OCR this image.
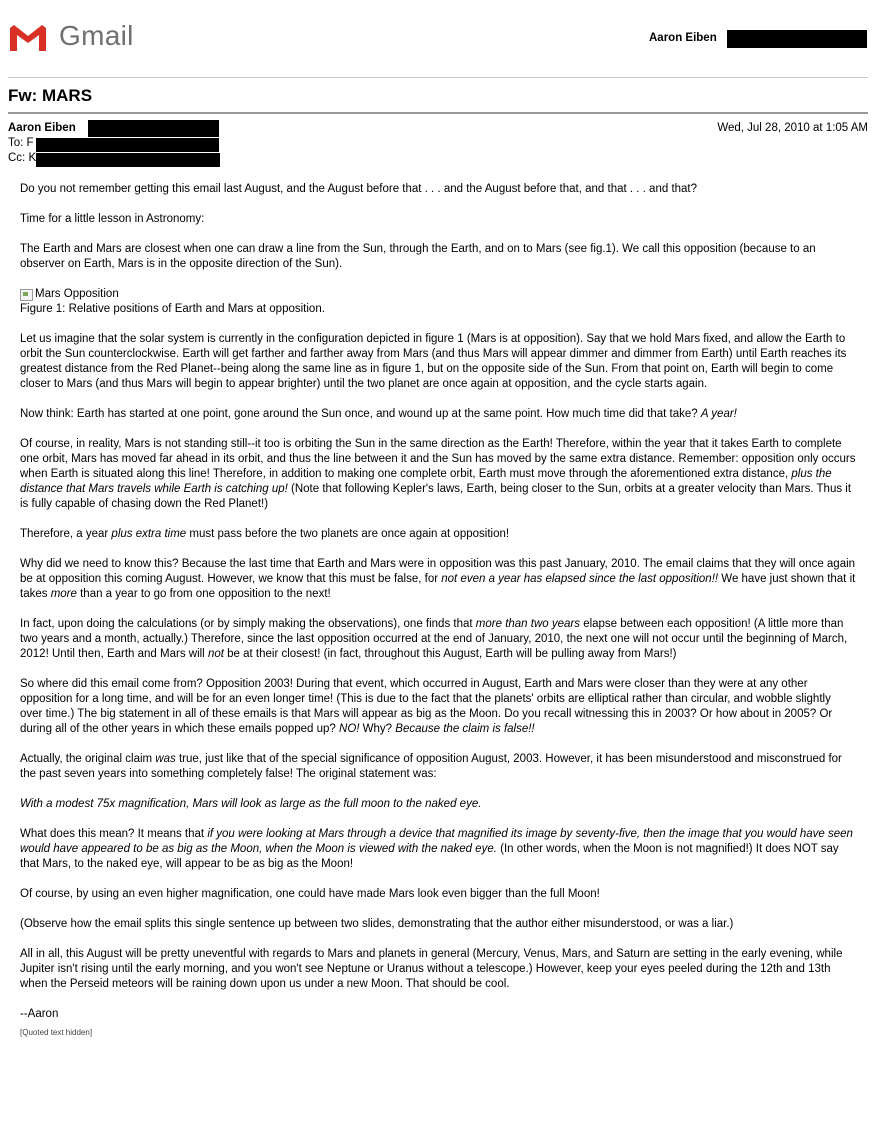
Gmail	Aaron Eiben
Fw: MARS
Aaron Eiben	Wed, Jul 28, 2010 at 1:05 AM
To: F
Cc: K

Do you not remember getting this email last August, and the August before that . . . and the August before that, and that . . . and that?

Time for a little lesson in Astronomy:

The Earth and Mars are closest when one can draw a line from the Sun, through the Earth, and on to Mars (see fig.1). We call this opposition (because to an observer on Earth, Mars is in the opposite direction of the Sun).

Mars Opposition

Figure 1: Relative positions of Earth and Mars at opposition.

Let us imagine that the solar system is currently in the configuration depicted in figure 1 (Mars is at opposition). Say that we hold Mars fixed, and allow the Earth to orbit the Sun counterclockwise. Earth will get farther and farther away from Mars (and thus Mars will appear dimmer and dimmer from Earth) until Earth reaches its greatest distance from the Red Planet--being along the same line as in figure 1, but on the opposite side of the Sun. From that point on, Earth will begin to come closer to Mars (and thus Mars will begin to appear brighter) until the two planet are once again at opposition, and the cycle starts again.

Now think: Earth has started at one point, gone around the Sun once, and wound up at the same point. How much time did that take? A year!

Of course, in reality, Mars is not standing still--it too is orbiting the Sun in the same direction as the Earth! Therefore, within the year that it takes Earth to complete one orbit, Mars has moved far ahead in its orbit, and thus the line between it and the Sun has moved by the same extra distance. Remember: opposition only occurs when Earth is situated along this line! Therefore, in addition to making one complete orbit, Earth must move through the aforementioned extra distance, plus the distance that Mars travels while Earth is catching up! (Note that following Kepler's laws, Earth, being closer to the Sun, orbits at a greater velocity than Mars. Thus it is fully capable of chasing down the Red Planet!)

Therefore, a year plus extra time must pass before the two planets are once again at opposition!

Why did we need to know this? Because the last time that Earth and Mars were in opposition was this past January, 2010. The email claims that they will once again be at opposition this coming August. However, we know that this must be false, for not even a year has elapsed since the last opposition!! We have just shown that it takes more than a year to go from one opposition to the next!

In fact, upon doing the calculations (or by simply making the observations), one finds that more than two years elapse between each opposition! (A little more than two years and a month, actually.) Therefore, since the last opposition occurred at the end of January, 2010, the next one will not occur until the beginning of March, 2012! Until then, Earth and Mars will not be at their closest! (in fact, throughout this August, Earth will be pulling away from Mars!)

So where did this email come from? Opposition 2003! During that event, which occurred in August, Earth and Mars were closer than they were at any other opposition for a long time, and will be for an even longer time! (This is due to the fact that the planets' orbits are elliptical rather than circular, and wobble slightly over time.) The big statement in all of these emails is that Mars will appear as big as the Moon. Do you recall witnessing this in 2003? Or how about in 2005? Or during all of the other years in which these emails popped up? NO! Why? Because the claim is false!!

Actually, the original claim was true, just like that of the special significance of opposition August, 2003. However, it has been misunderstood and misconstrued for the past seven years into something completely false! The original statement was:

With a modest 75x magnification, Mars will look as large as the full moon to the naked eye.

What does this mean? It means that if you were looking at Mars through a device that magnified its image by seventy-five, then the image that you would have seen would have appeared to be as big as the Moon, when the Moon is viewed with the naked eye. (In other words, when the Moon is not magnified!) It does NOT say that Mars, to the naked eye, will appear to be as big as the Moon!

Of course, by using an even higher magnification, one could have made Mars look even bigger than the full Moon!

(Observe how the email splits this single sentence up between two slides, demonstrating that the author either misunderstood, or was a liar.)

All in all, this August will be pretty uneventful with regards to Mars and planets in general (Mercury, Venus, Mars, and Saturn are setting in the early evening, while Jupiter isn't rising until the early morning, and you won't see Neptune or Uranus without a telescope.) However, keep your eyes peeled during the 12th and 13th when the Perseid meteors will be raining down upon us under a new Moon. That should be cool.

--Aaron
[Quoted text hidden]
